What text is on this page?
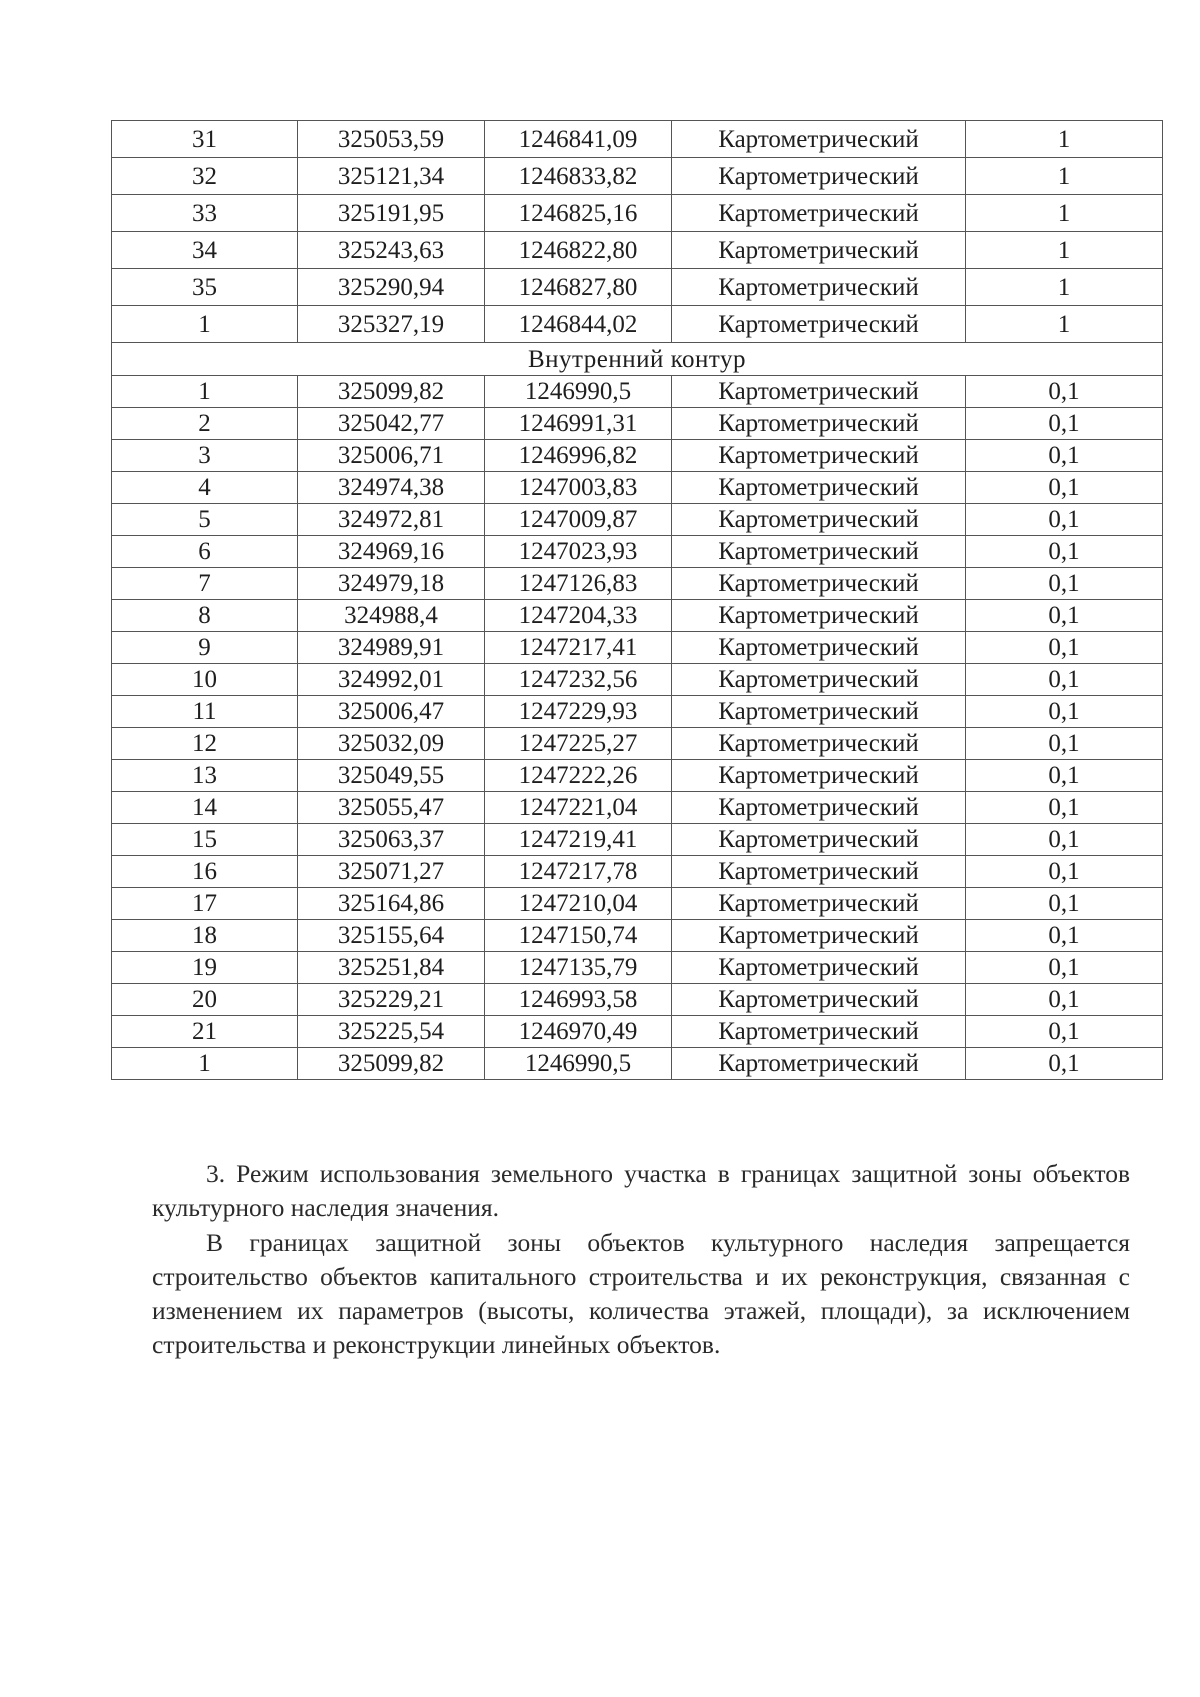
31	325053,59	1246841,09	Картометрический	1
32	325121,34	1246833,82	Картометрический	1
33	325191,95	1246825,16	Картометрический	1
34	325243,63	1246822,80	Картометрический	1
35	325290,94	1246827,80	Картометрический	1
1	325327,19	1246844,02	Картометрический	1
Внутренний контур				
1	325099,82	1246990,5	Картометрический	0,1
2	325042,77	1246991,31	Картометрический	0,1
3	325006,71	1246996,82	Картометрический	0,1
4	324974,38	1247003,83	Картометрический	0,1
5	324972,81	1247009,87	Картометрический	0,1
6	324969,16	1247023,93	Картометрический	0,1
7	324979,18	1247126,83	Картометрический	0,1
8	324988,4	1247204,33	Картометрический	0,1
9	324989,91	1247217,41	Картометрический	0,1
10	324992,01	1247232,56	Картометрический	0,1
11	325006,47	1247229,93	Картометрический	0,1
12	325032,09	1247225,27	Картометрический	0,1
13	325049,55	1247222,26	Картометрический	0,1
14	325055,47	1247221,04	Картометрический	0,1
15	325063,37	1247219,41	Картометрический	0,1
16	325071,27	1247217,78	Картометрический	0,1
17	325164,86	1247210,04	Картометрический	0,1
18	325155,64	1247150,74	Картометрический	0,1
19	325251,84	1247135,79	Картометрический	0,1
20	325229,21	1246993,58	Картометрический	0,1
21	325225,54	1246970,49	Картометрический	0,1
1	325099,82	1246990,5	Картометрический	0,1

3. Режим использования земельного участка в границах защитной зоны объектов культурного наследия значения.

В границах защитной зоны объектов культурного наследия запрещается строительство объектов капитального строительства и их реконструкция, связанная с изменением их параметров (высоты, количества этажей, площади), за исключением строительства и реконструкции линейных объектов.
